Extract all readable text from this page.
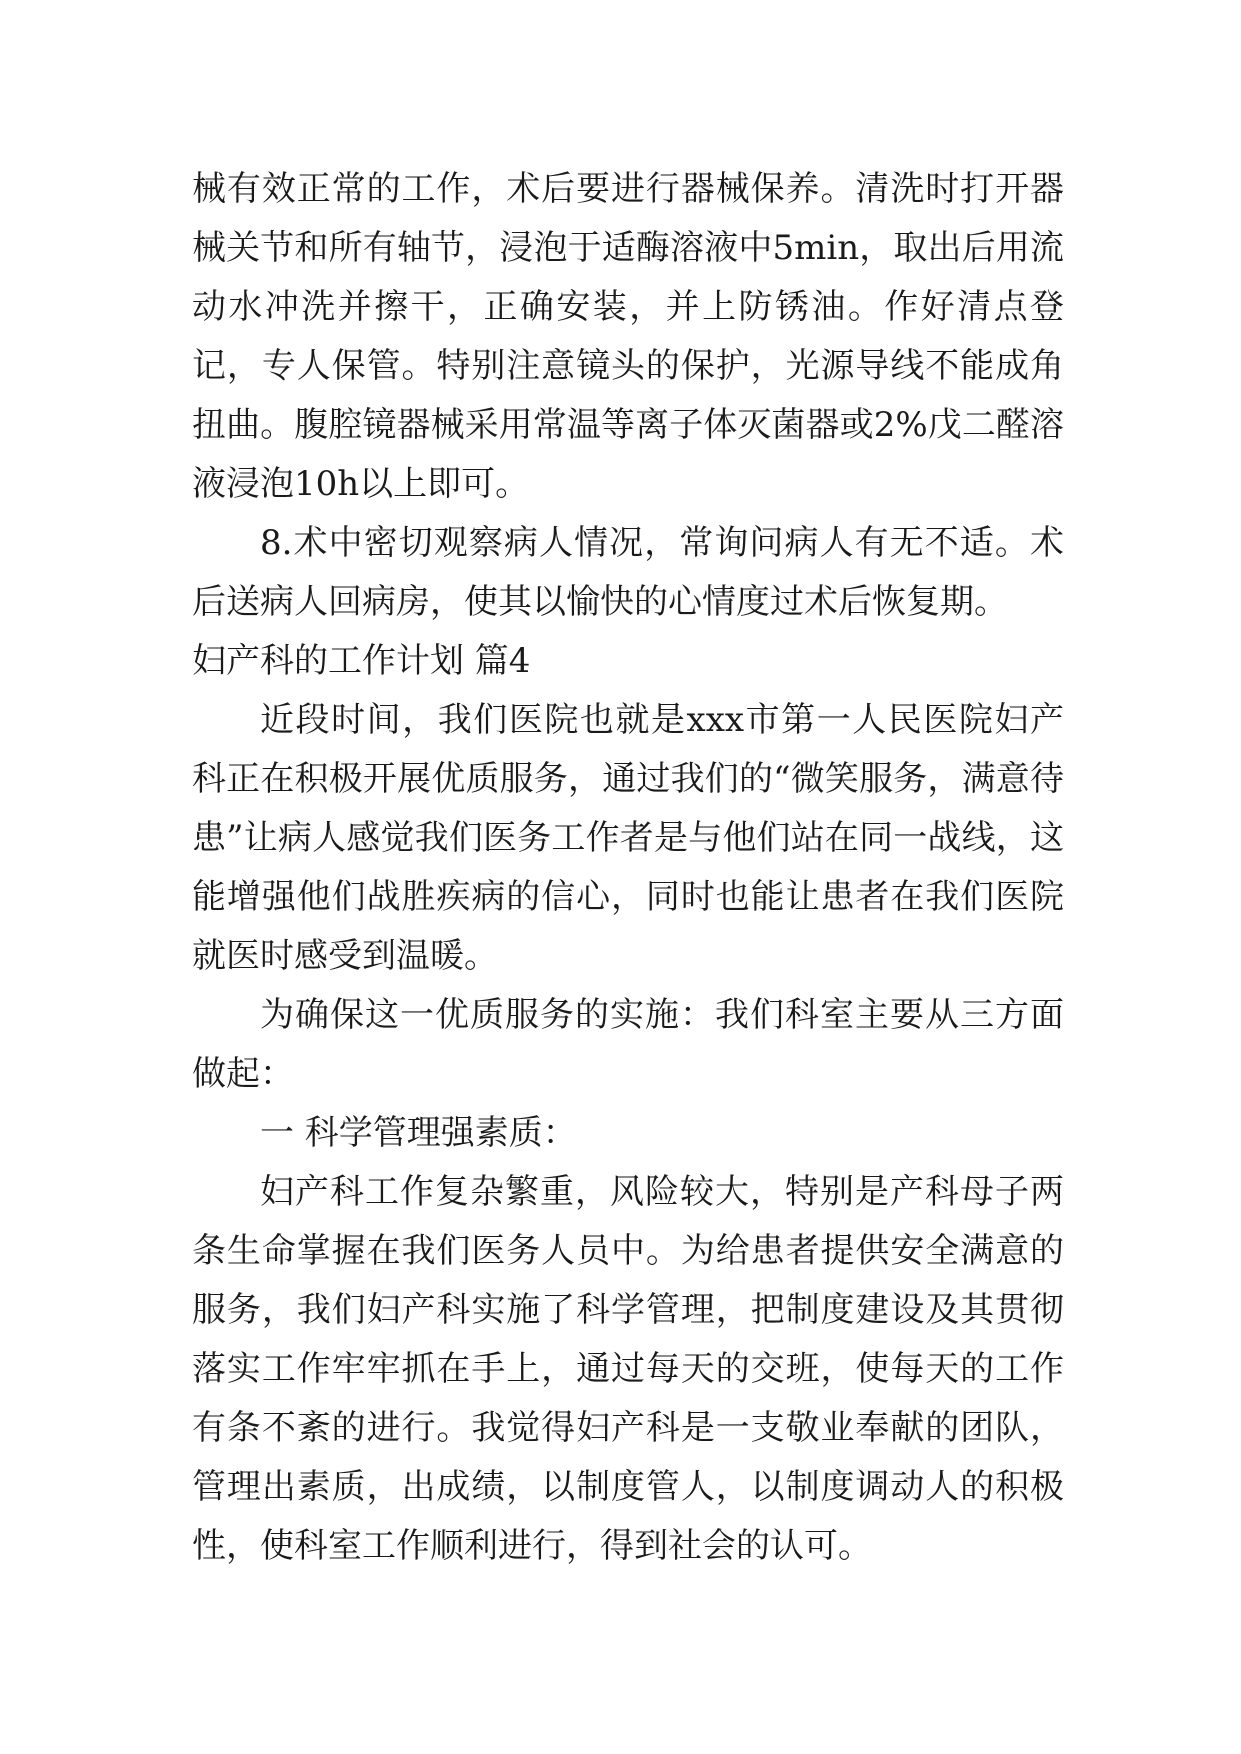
械有效正常的工作，术后要进行器械保养。清洗时打开器械关节和所有轴节，浸泡于适酶溶液中5min，取出后用流动水冲洗并擦干，正确安装，并上防锈油。作好清点登记，专人保管。特别注意镜头的保护，光源导线不能成角扭曲。腹腔镜器械采用常温等离子体灭菌器或2%戊二醛溶液浸泡10h以上即可。

8.术中密切观察病人情况，常询问病人有无不适。术后送病人回病房，使其以愉快的心情度过术后恢复期。

妇产科的工作计划 篇4

近段时间，我们医院也就是xxx市第一人民医院妇产科正在积极开展优质服务，通过我们的“微笑服务，满意待患”让病人感觉我们医务工作者是与他们站在同一战线，这能增强他们战胜疾病的信心，同时也能让患者在我们医院就医时感受到温暖。

为确保这一优质服务的实施：我们科室主要从三方面做起：

一 科学管理强素质：

妇产科工作复杂繁重，风险较大，特别是产科母子两条生命掌握在我们医务人员中。为给患者提供安全满意的服务，我们妇产科实施了科学管理，把制度建设及其贯彻落实工作牢牢抓在手上，通过每天的交班，使每天的工作有条不紊的进行。我觉得妇产科是一支敬业奉献的团队，管理出素质，出成绩，以制度管人，以制度调动人的积极性，使科室工作顺利进行，得到社会的认可。
